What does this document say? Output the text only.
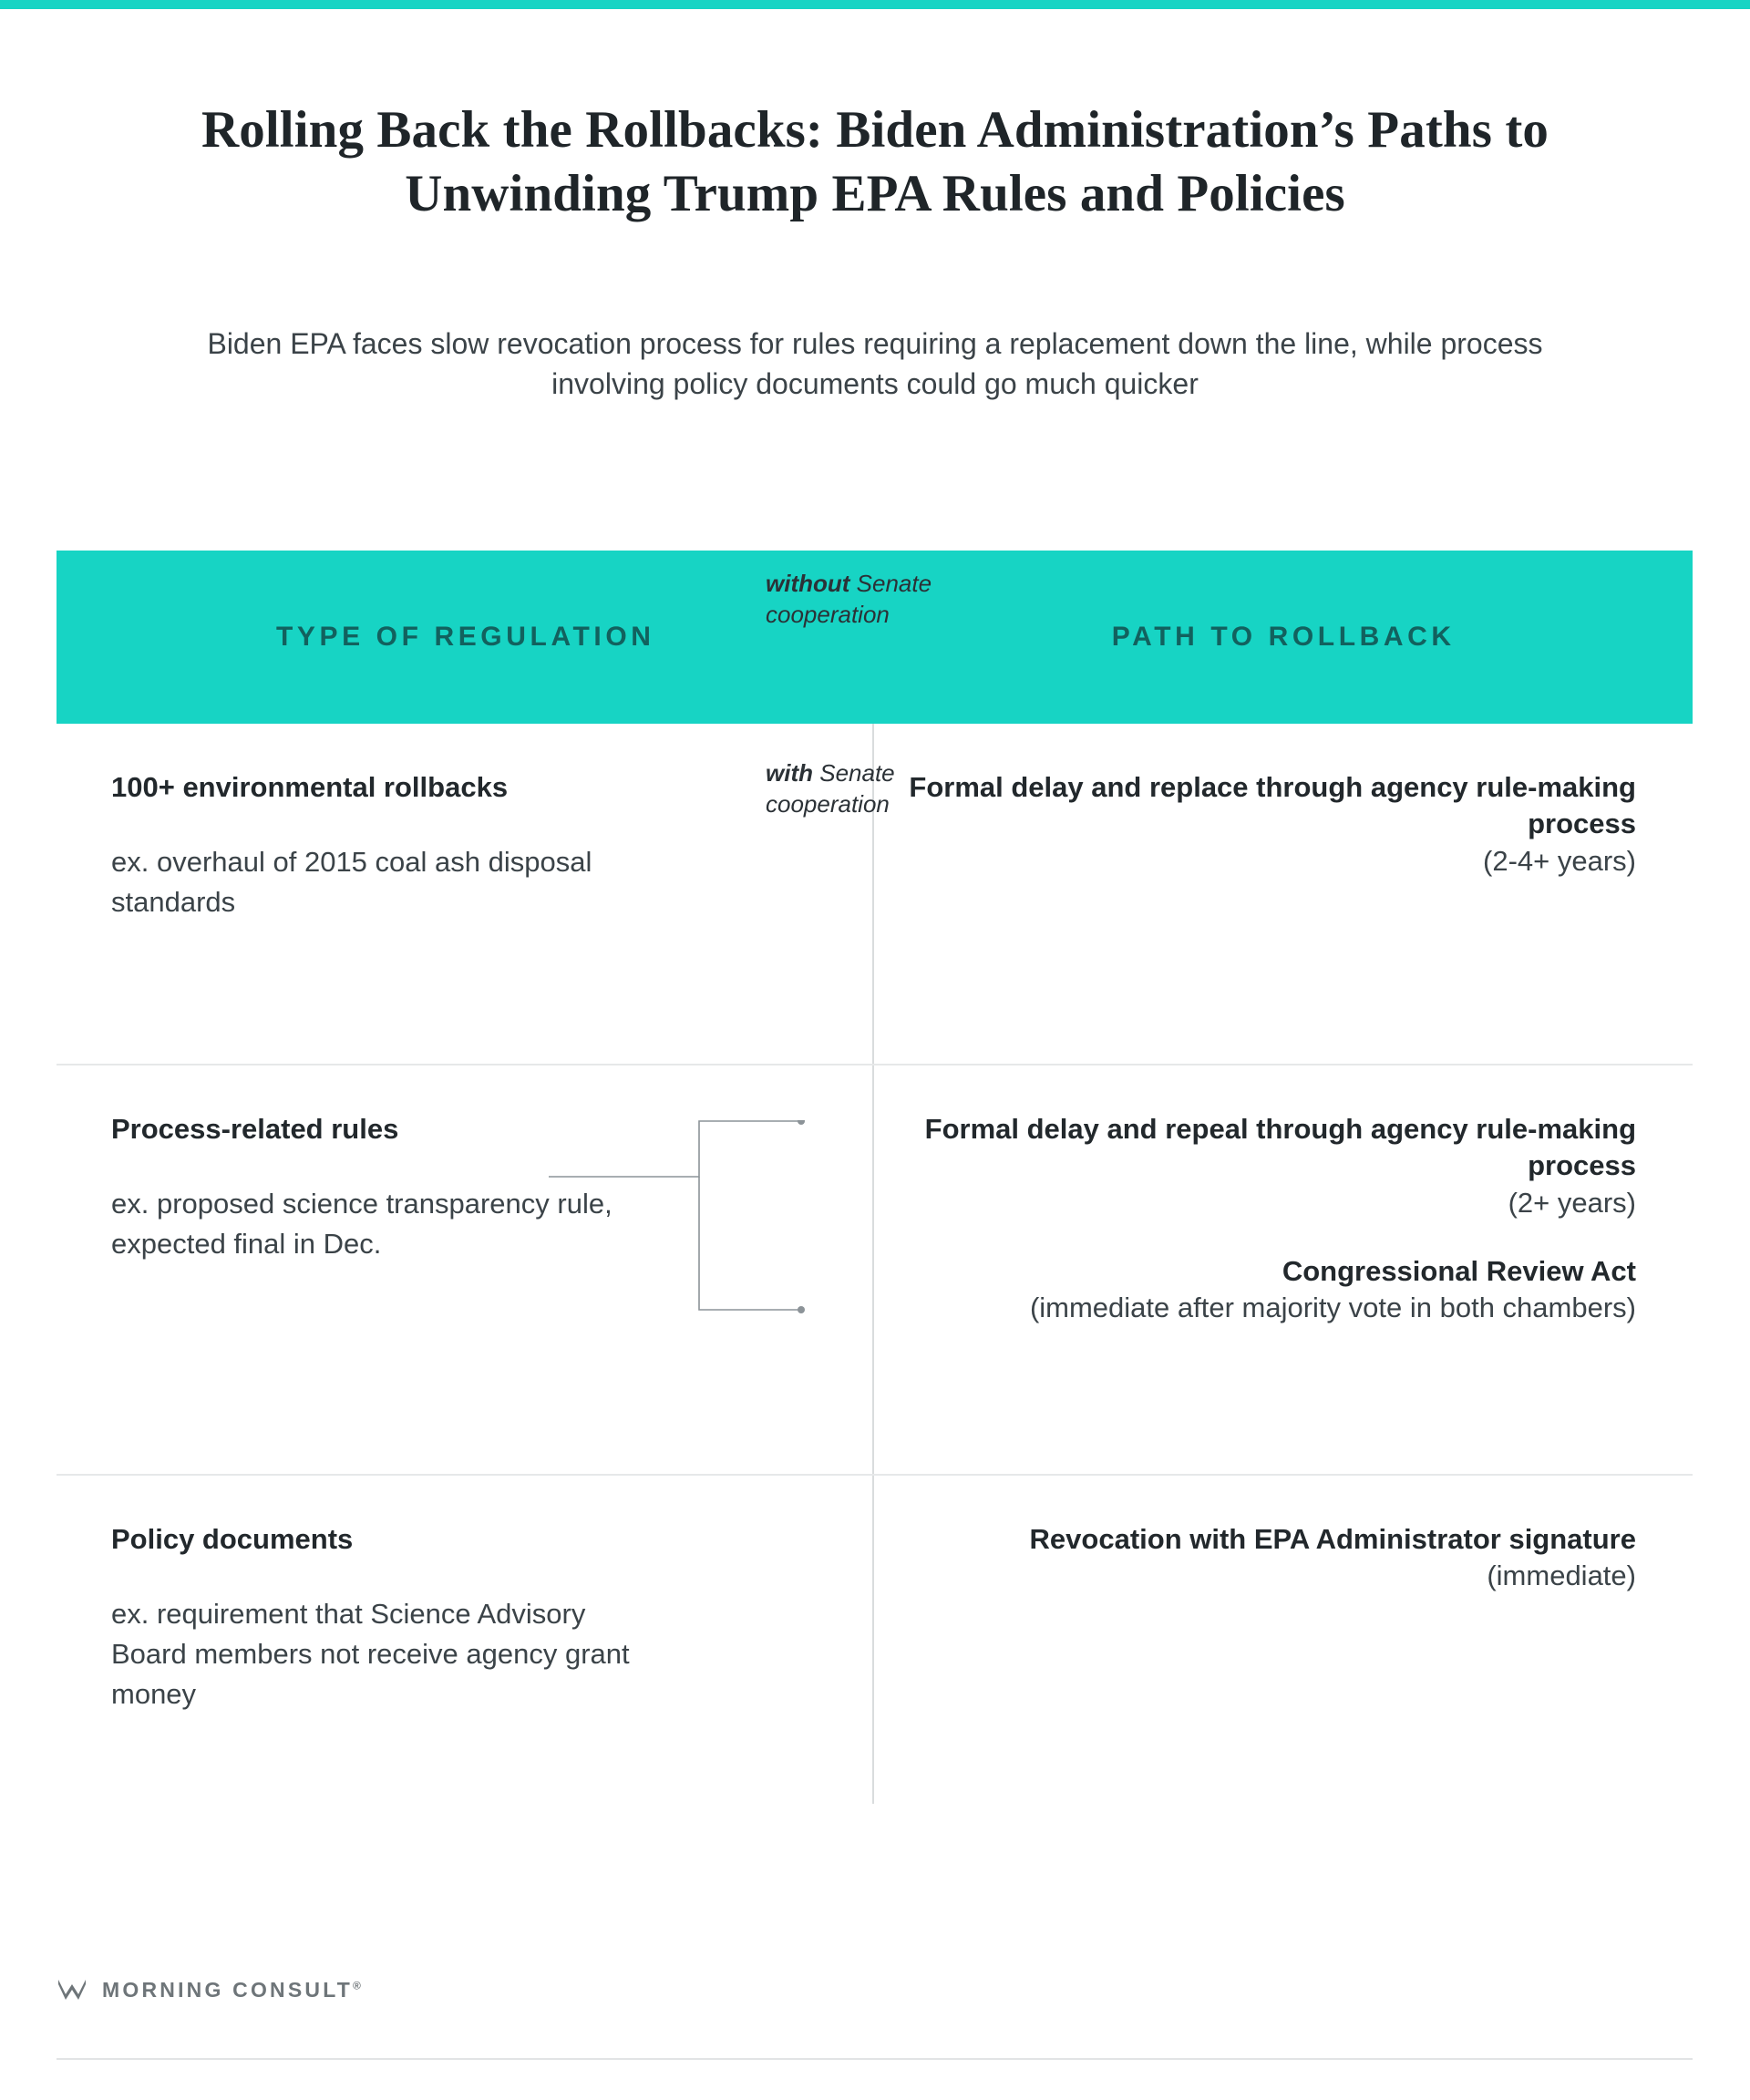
Rolling Back the Rollbacks: Biden Administration’s Paths to Unwinding Trump EPA Rules and Policies
Biden EPA faces slow revocation process for rules requiring a replacement down the line, while process involving policy documents could go much quicker
TYPE OF REGULATION	PATH TO ROLLBACK
100+ environmental rollbacks
ex. overhaul of 2015 coal ash disposal standards
Formal delay and replace through agency rule-making process
(2-4+ years)
Process-related rules
ex. proposed science transparency rule, expected final in Dec.
Formal delay and repeal through agency rule-making process
(2+ years)
Congressional Review Act
(immediate after majority vote in both chambers)
Policy documents
ex. requirement that Science Advisory Board members not receive agency grant money
Revocation with EPA Administrator signature
(immediate)
without Senate cooperation
with Senate cooperation
MORNING CONSULT®
